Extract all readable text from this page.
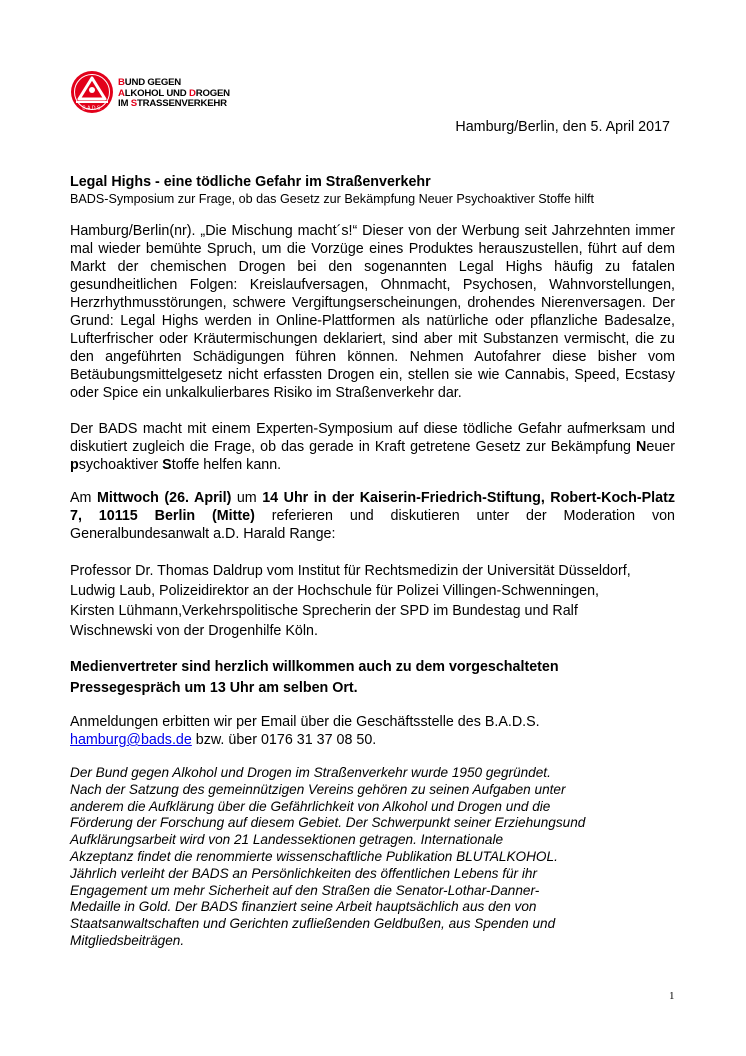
B.A.D.S.
BUND GEGEN
ALKOHOL UND DROGEN
IM STRASSENVERKEHR
Hamburg/Berlin, den 5. April 2017

Legal Highs - eine tödliche Gefahr im Straßenverkehr

BADS-Symposium zur Frage, ob das Gesetz zur Bekämpfung Neuer Psychoaktiver Stoffe hilft

Hamburg/Berlin(nr). „Die Mischung macht´s!“ Dieser von der Werbung seit Jahrzehnten immer mal wieder bemühte Spruch, um die Vorzüge eines Produktes herauszustellen, führt auf dem Markt der chemischen Drogen bei den sogenannten Legal Highs häufig zu fatalen gesundheitlichen Folgen: Kreislaufversagen, Ohnmacht, Psychosen, Wahnvorstellungen, Herzrhythmusstörungen, schwere Vergiftungserscheinungen, drohendes Nierenversagen. Der Grund: Legal Highs werden in Online-Plattformen als natürliche oder pflanzliche Badesalze, Lufterfrischer oder Kräutermischungen deklariert, sind aber mit Substanzen vermischt, die zu den angeführten Schädigungen führen können. Nehmen Autofahrer diese bisher vom Betäubungsmittelgesetz nicht erfassten Drogen ein, stellen sie wie Cannabis, Speed, Ecstasy oder Spice ein unkalkulierbares Risiko im Straßenverkehr dar.

Der BADS macht mit einem Experten-Symposium auf diese tödliche Gefahr aufmerksam und diskutiert zugleich die Frage, ob das gerade in Kraft getretene Gesetz zur Bekämpfung Neuer psychoaktiver Stoffe helfen kann.

Am Mittwoch (26. April) um 14 Uhr in der Kaiserin-Friedrich-Stiftung, Robert-Koch-Platz 7, 10115 Berlin (Mitte) referieren und diskutieren unter der Moderation von Generalbundesanwalt a.D. Harald Range:

Professor Dr. Thomas Daldrup vom Institut für Rechtsmedizin der Universität Düsseldorf,
Ludwig Laub, Polizeidirektor an der Hochschule für Polizei Villingen-Schwenningen,
Kirsten Lühmann,Verkehrspolitische Sprecherin der SPD im Bundestag und Ralf
Wischnewski von der Drogenhilfe Köln.
Medienvertreter sind herzlich willkommen auch zu dem vorgeschalteten
Pressegespräch um 13 Uhr am selben Ort.
Anmeldungen erbitten wir per Email über die Geschäftsstelle des B.A.D.S.
hamburg@bads.de bzw. über 0176 31 37 08 50.
Der Bund gegen Alkohol und Drogen im Straßenverkehr wurde 1950 gegründet.
Nach der Satzung des gemeinnützigen Vereins gehören zu seinen Aufgaben unter
anderem die Aufklärung über die Gefährlichkeit von Alkohol und Drogen und die
Förderung der Forschung auf diesem Gebiet. Der Schwerpunkt seiner Erziehungsund
Aufklärungsarbeit wird von 21 Landessektionen getragen. Internationale
Akzeptanz findet die renommierte wissenschaftliche Publikation BLUTALKOHOL.
Jährlich verleiht der BADS an Persönlichkeiten des öffentlichen Lebens für ihr
Engagement um mehr Sicherheit auf den Straßen die Senator-Lothar-Danner-
Medaille in Gold. Der BADS finanziert seine Arbeit hauptsächlich aus den von
Staatsanwaltschaften und Gerichten zufließenden Geldbußen, aus Spenden und
Mitgliedsbeiträgen.
1
